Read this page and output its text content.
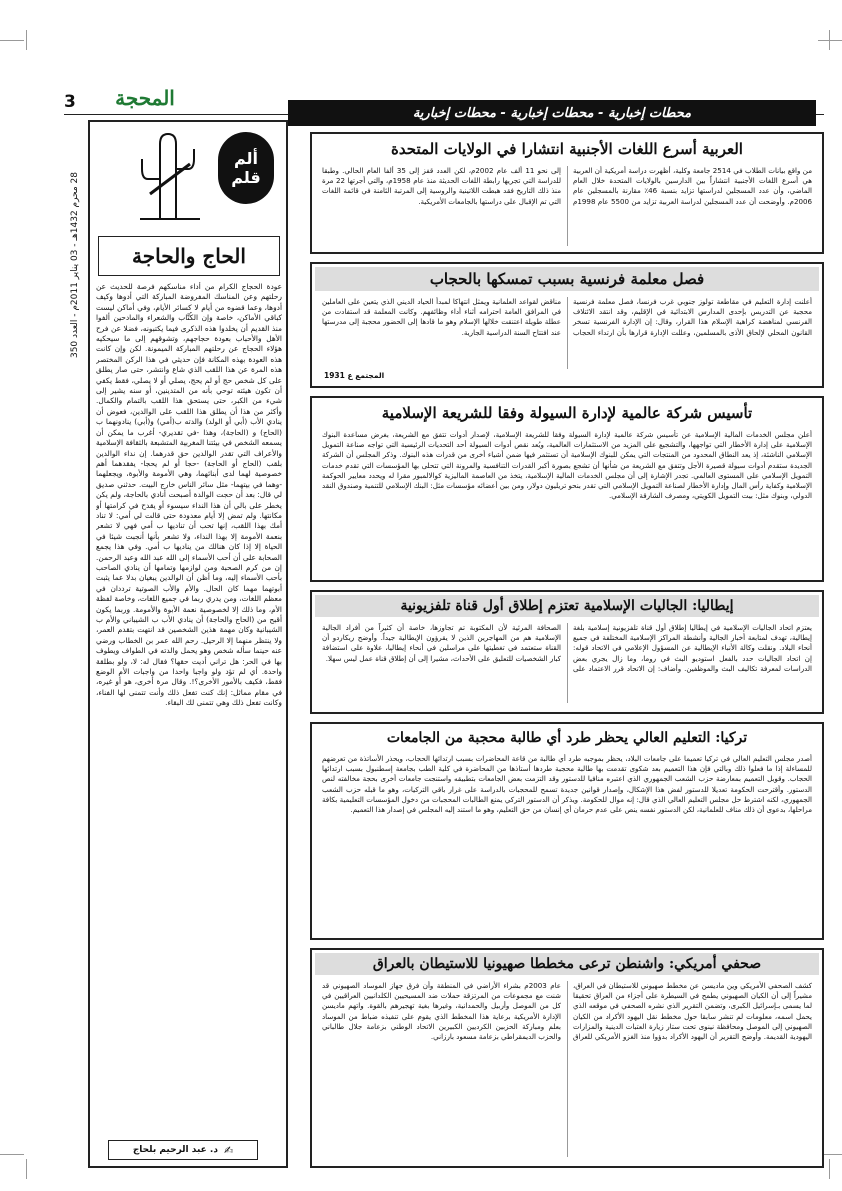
3	المحجة
محطات إخبارية - محطات إخبارية - محطات إخبارية
28 محرم 1432هـ - 03 يناير 2011م - العدد 350
ألم
قلم
الحاج والحاجة
عودة الحجاج الكرام من أداء مناسكهم فرصة للحديث عن رحلتهم وعن المناسك المفروضة المباركة التي أدوها وكيف أدوها، وعما قضوه من أيام لا كسائر الأيام، وفي أماكن ليست كباقي الأماكن، خاصة وإن الكُتَّاب والشعراء والمادحين ألفوا منذ القديم أن يخلدوا هذه الذكرى فيما يكتبونه، فضلا عن فرح الأهل والأحباب بعودة حجاجهم، وتشوقهم إلى ما سيحكيه هؤلاء الحجاج عن رحلتهم المباركة الميمونة. لكن وإن كانت هذه العودة بهذه المكانة فإن حديثي في هذا الركن المختصر هذه المرة عن هذا اللقب الذي شاع وانتشر، حتى صار يطلق على كل شخص حج أو لم يحج، يصلي أو لا يصلي، فقط يكفي أن تكون هيئته توحي بأنه من المتدينين، أو سنه يشير إلى شيء من الكبر، حتى يستحق هذا اللقب بالتمام والكمال. وأكثر من هذا أن يطلق هذا اللقب على الوالدين، فعوض أن ينادي الأب (أبي أو الولد) والدته ب(أمي) و(أبي) ينادونهما ب (الحاج) و (الحاجة)، وهذا -في تقديري- أغرب ما يمكن أن يسمعه الشخص في بيئتنا المغربية المتشبعة بالثقافة الإسلامية والأعراف التي تقدر الوالدين حق قدرهما. إن نداء الوالدين بلقب (الحاج أو الحاجة) -حجا أو لم يحجا- يفقدهما أهم خصوصية لهما لدى أبنائهما، وهي الأمومة والأبوة، ويجعلهما -وهما في بيتهما- مثل سائر الناس خارج البيت. حدثني صديق لي قال: بعد أن حجت الوالدة أصبحت أنادي بالحاجة، ولم يكن يخطر على بالي أن هذا النداء سيسوء أو يقدح في كرامتها أو مكانتها. ولم تمض إلا أيام معدودة حتى قالت لي أمي: لا تناد أمك بهذا اللقب، إنها تحب أن تناديها ب أمي فهي لا تشعر بنعمة الأمومة إلا بهذا النداء، ولا تشعر بأنها أنجبت شيئا في الحياة إلا إذا كان هنالك من يناديها ب أمي. وفي هذا يجمع الصحابة على أن أحب الأسماء إلى الله عبد الله وعبد الرحمن. إن من كرم الصحبة ومن لوازمها وتمامها أن ينادي الصاحب بأحب الأسماء إليه، وما أظن أن الوالدين يبغيان بدلا عما يثبت أبوتهما مهما كان الحال. والأم والأب الصوتية ترددان في معظم اللغات، ومن يدري ربما في جميع اللغات، وخاصة لفظة الأم، وما ذلك إلا لخصوصية نعمة الأبوة والأمومة. وربما يكون أقبح من (الحاج والحاجة) أن ينادي الأب ب الشيباني والأم ب الشيبانية وكان مهمة هذين الشخصين قد انتهت بتقدم العمر، ولا ينتظر منهما إلا الرحيل. رحم الله عمر بن الخطاب ورضي عنه حينما سأله شخص وهو يحمل والدته في الطواف ويطوف بها في الحر: هل تراني أديت حقها؟ فقال له: لا، ولو بطلقة واحدة. أي لم تؤد ولو واجبا واحدا من واجبات الأم الوضع فقط، فكيف بالأمور الأخرى؟!. وقال مرة أخرى، هو أو غيره، في مقام مماثل: إنك كنت تفعل ذلك وأنت تتمنى لها الفناء، وكانت تفعل ذلك وهي تتمنى لك البقاء.
د. عبد الرحيم بلحاج ✍
العربية أسرع اللغات الأجنبية انتشارا في الولايات المتحدة
من واقع بيانات الطلاب في 2514 جامعة وكلية، أظهرت دراسة أمريكية أن العربية هي أسرع اللغات الأجنبية انتشاراً بين الدارسين بالولايات المتحدة خلال العام الماضي، وأن عدد المسجلين لدراستها تزايد بنسبة 46٪ مقارنة بالمسجلين عام 2006م. وأوضحت أن عدد المسجلين لدراسة العربية تزايد من 5500 عام 1998م إلى نحو 11 ألف عام 2002م، لكن العدد قفز إلى 35 ألفا العام الحالي. وطبقا للدراسة التي تجريها رابطة اللغات الحديثة منذ عام 1958م، والتي أجرتها 22 مرة منذ ذلك التاريخ فقد هبطت اللاتينية والروسية إلى المرتبة الثامنة في قائمة اللغات التي تم الإقبال على دراستها بالجامعات الأمريكية.
فصل معلمة فرنسية بسبب تمسكها بالحجاب
أعلنت إدارة التعليم في مقاطعة تولوز جنوبي غرب فرنسا، فصل معلمة فرنسية محجبة عن التدريس بإحدى المدارس الابتدائية في الإقليم، وقد انتقد الائتلاف الفرنسي لمناهضة كراهية الإسلام هذا القرار، وقال: إن الإدارة الفرنسية تسخر القانون المحلي لإلحاق الأذى بالمسلمين، وعللت الإدارة قرارها بأن ارتداء الحجاب مناقض لقواعد العلمانية ويمثل انتهاكا لمبدأ الحياد الديني الذي يتعين على العاملين في المرافق العامة احترامه أثناء أداء وظائفهم. وكانت المعلمة قد استفادت من عطلة طويلة اعتنقت خلالها الإسلام وهو ما قادها إلى الحضور محجبة إلى مدرستها عند افتتاح السنة الدراسية الجارية.
المجتمع ع 1931
تأسيس شركة عالمية لإدارة السيولة وفقا للشريعة الإسلامية
أعلن مجلس الخدمات المالية الإسلامية عن تأسيس شركة عالمية لإدارة السيولة وفقا للشريعة الإسلامية، لإصدار أدوات تتفق مع الشريعة، بغرض مساعدة البنوك الإسلامية على إدارة الأخطار التي تواجهها، والتشجيع على المزيد من الاستثمارات العالمية، ويُعد نقص أدوات السيولة أحد التحديات الرئيسية التي تواجه صناعة التمويل الإسلامي الناشئة، إذ يعد النطاق المحدود من المنتجات التي يمكن للبنوك الإسلامية أن تستثمر فيها ضمن أشياء أخرى من قدرات هذه البنوك. وذكر المجلس أن الشركة الجديدة ستقدم أدوات سيولة قصيرة الأجل وتتفق مع الشريعة من شأنها أن تشجع بصورة أكبر القدرات التنافسية والمرونة التي تتحلى بها المؤسسات التي تقدم خدمات التمويل الإسلامي على المستوى العالمي. تجدر الإشارة إلى أن مجلس الخدمات المالية الإسلامية، يتخذ من العاصمة الماليزية كوالالمبور مقرا له ويحدد معايير الحوكمة الإسلامية وكفاية رأس المال وإدارة الأخطار لصناعة التمويل الإسلامي التي تقدر بنحو تريليون دولار، ومن بين أعضائه مؤسسات مثل: البنك الإسلامي للتنمية وصندوق النقد الدولي، وبنوك مثل: بيت التمويل الكويتي، ومصرف الشارقة الإسلامي.
إيطاليا: الجاليات الإسلامية تعتزم إطلاق أول قناة تلفزيونية
يعتزم اتحاد الجاليات الإسلامية في إيطاليا إطلاق أول قناة تلفزيونية إسلامية بلغة إيطالية، تهدف لمتابعة أخبار الجالية وأنشطة المراكز الإسلامية المختلفة في جميع أنحاء البلاد. ونقلت وكالة الأنباء الإيطالية عن المسؤول الإعلامي في الاتحاد قوله: إن اتحاد الجاليات حدد بالفعل استوديو البث في روما، وما زال يجري بعض الدراسات لمعرفة تكاليف البث والموظفين. وأضاف: إن الاتحاد قرر الاعتماد على الصحافة المرئية لأن المكتوبة تم تجاوزها، خاصة أن كثيراً من أفراد الجالية الإسلامية هم من المهاجرين الذين لا يقرؤون الإيطالية جيداً. وأوضح ريكاردو أن القناة ستعتمد في تغطيتها على مراسلين في أنحاء إيطاليا، علاوة على استضافة كبار الشخصيات للتعليق على الأحداث، مشيرا إلى أن إطلاق قناة عمل ليس سهلا.
تركيا: التعليم العالي يحظر طرد أي طالبة محجبة من الجامعات
أصدر مجلس التعليم العالي في تركيا تعميما على جامعات البلاد، يحظر بموجبه طرد أي طالبة من قاعة المحاضرات بسبب ارتدائها الحجاب، ويحذر الأساتذة من تعرضهم للمساءلة إذا ما فعلوا ذلك وبالتي فإن هذا التعميم بعد شكوى تقدمت بها طالبة محجبة طردها أستاذها من المحاضرة في كلية الطب بجامعة إسطنبول بسبب ارتدائها الحجاب. وقوبل التعميم بمعارضة حزب الشعب الجمهوري الذي اعتبره منافيا للدستور وقد التزمت بعض الجامعات بتطبيقه واستنجت جامعات أخرى بحجة مخالفته لنص الدستور. وأقترحت الحكومة تعديلا للدستور لفض هذا الإشكال، وإصدار قوانين جديدة تسمح للمحجبات بالدراسة على غرار باقي التركيات، وهو ما قبله حزب الشعب الجمهوري، لكنه اشترط حل مجلس التعليم العالي الذي قال: إنه موال للحكومة. ويذكر أن الدستور التركي يمنع الطالبات المحجبات من دخول المؤسسات التعليمية بكافة مراحلها، بدعوى أن ذلك مناف للعلمانية، لكن الدستور نفسه ينص على عدم حرمان أي إنسان من حق التعليم، وهو ما استند إليه المجلس في إصدار هذا التعميم.
صحفي أمريكي: واشنطن ترعى مخططا صهيونيا للاستيطان بالعراق
كشف الصحفي الأمريكي وين ماديسن عن مخطط صهيوني للاستيطان في العراق، مشيراً إلى أن الكيان الصهيوني يطمح في السيطرة على أجزاء من العراق تحقيقا لما يسمى بـإسرائيل الكبرى، وتضمن التقرير الذي نشره الصحفي في موقعه الذي يحمل اسمه، معلومات لم تنشر سابقا حول مخطط نقل اليهود الأكراد من الكيان الصهيوني إلى الموصل ومحافظة نينوى تحت ستار زيارة العتبات الدينية والمزارات اليهودية القديمة. وأوضح التقرير أن اليهود الأكراد بدؤوا منذ الغزو الأمريكي للعراق عام 2003م بشراء الأراضي في المنطقة وأن فرق جهاز الموساد الصهيوني قد شنت مع مجموعات من المرتزقة حملات ضد المسيحيين الكلدانيين العراقيين في كل من الموصل وأربيل والحمدانية، وغيرها بغية تهجيرهم بالقوة. واتهم ماديسن الإدارة الأمريكية برعاية هذا المخطط الذي يقوم على تنفيذه ضباط من الموساد بعلم ومباركة الحزبين الكرديين الكبيرين الاتحاد الوطني بزعامة جلال طالباني والحزب الديمقراطي بزعامة مسعود بارزاني.
